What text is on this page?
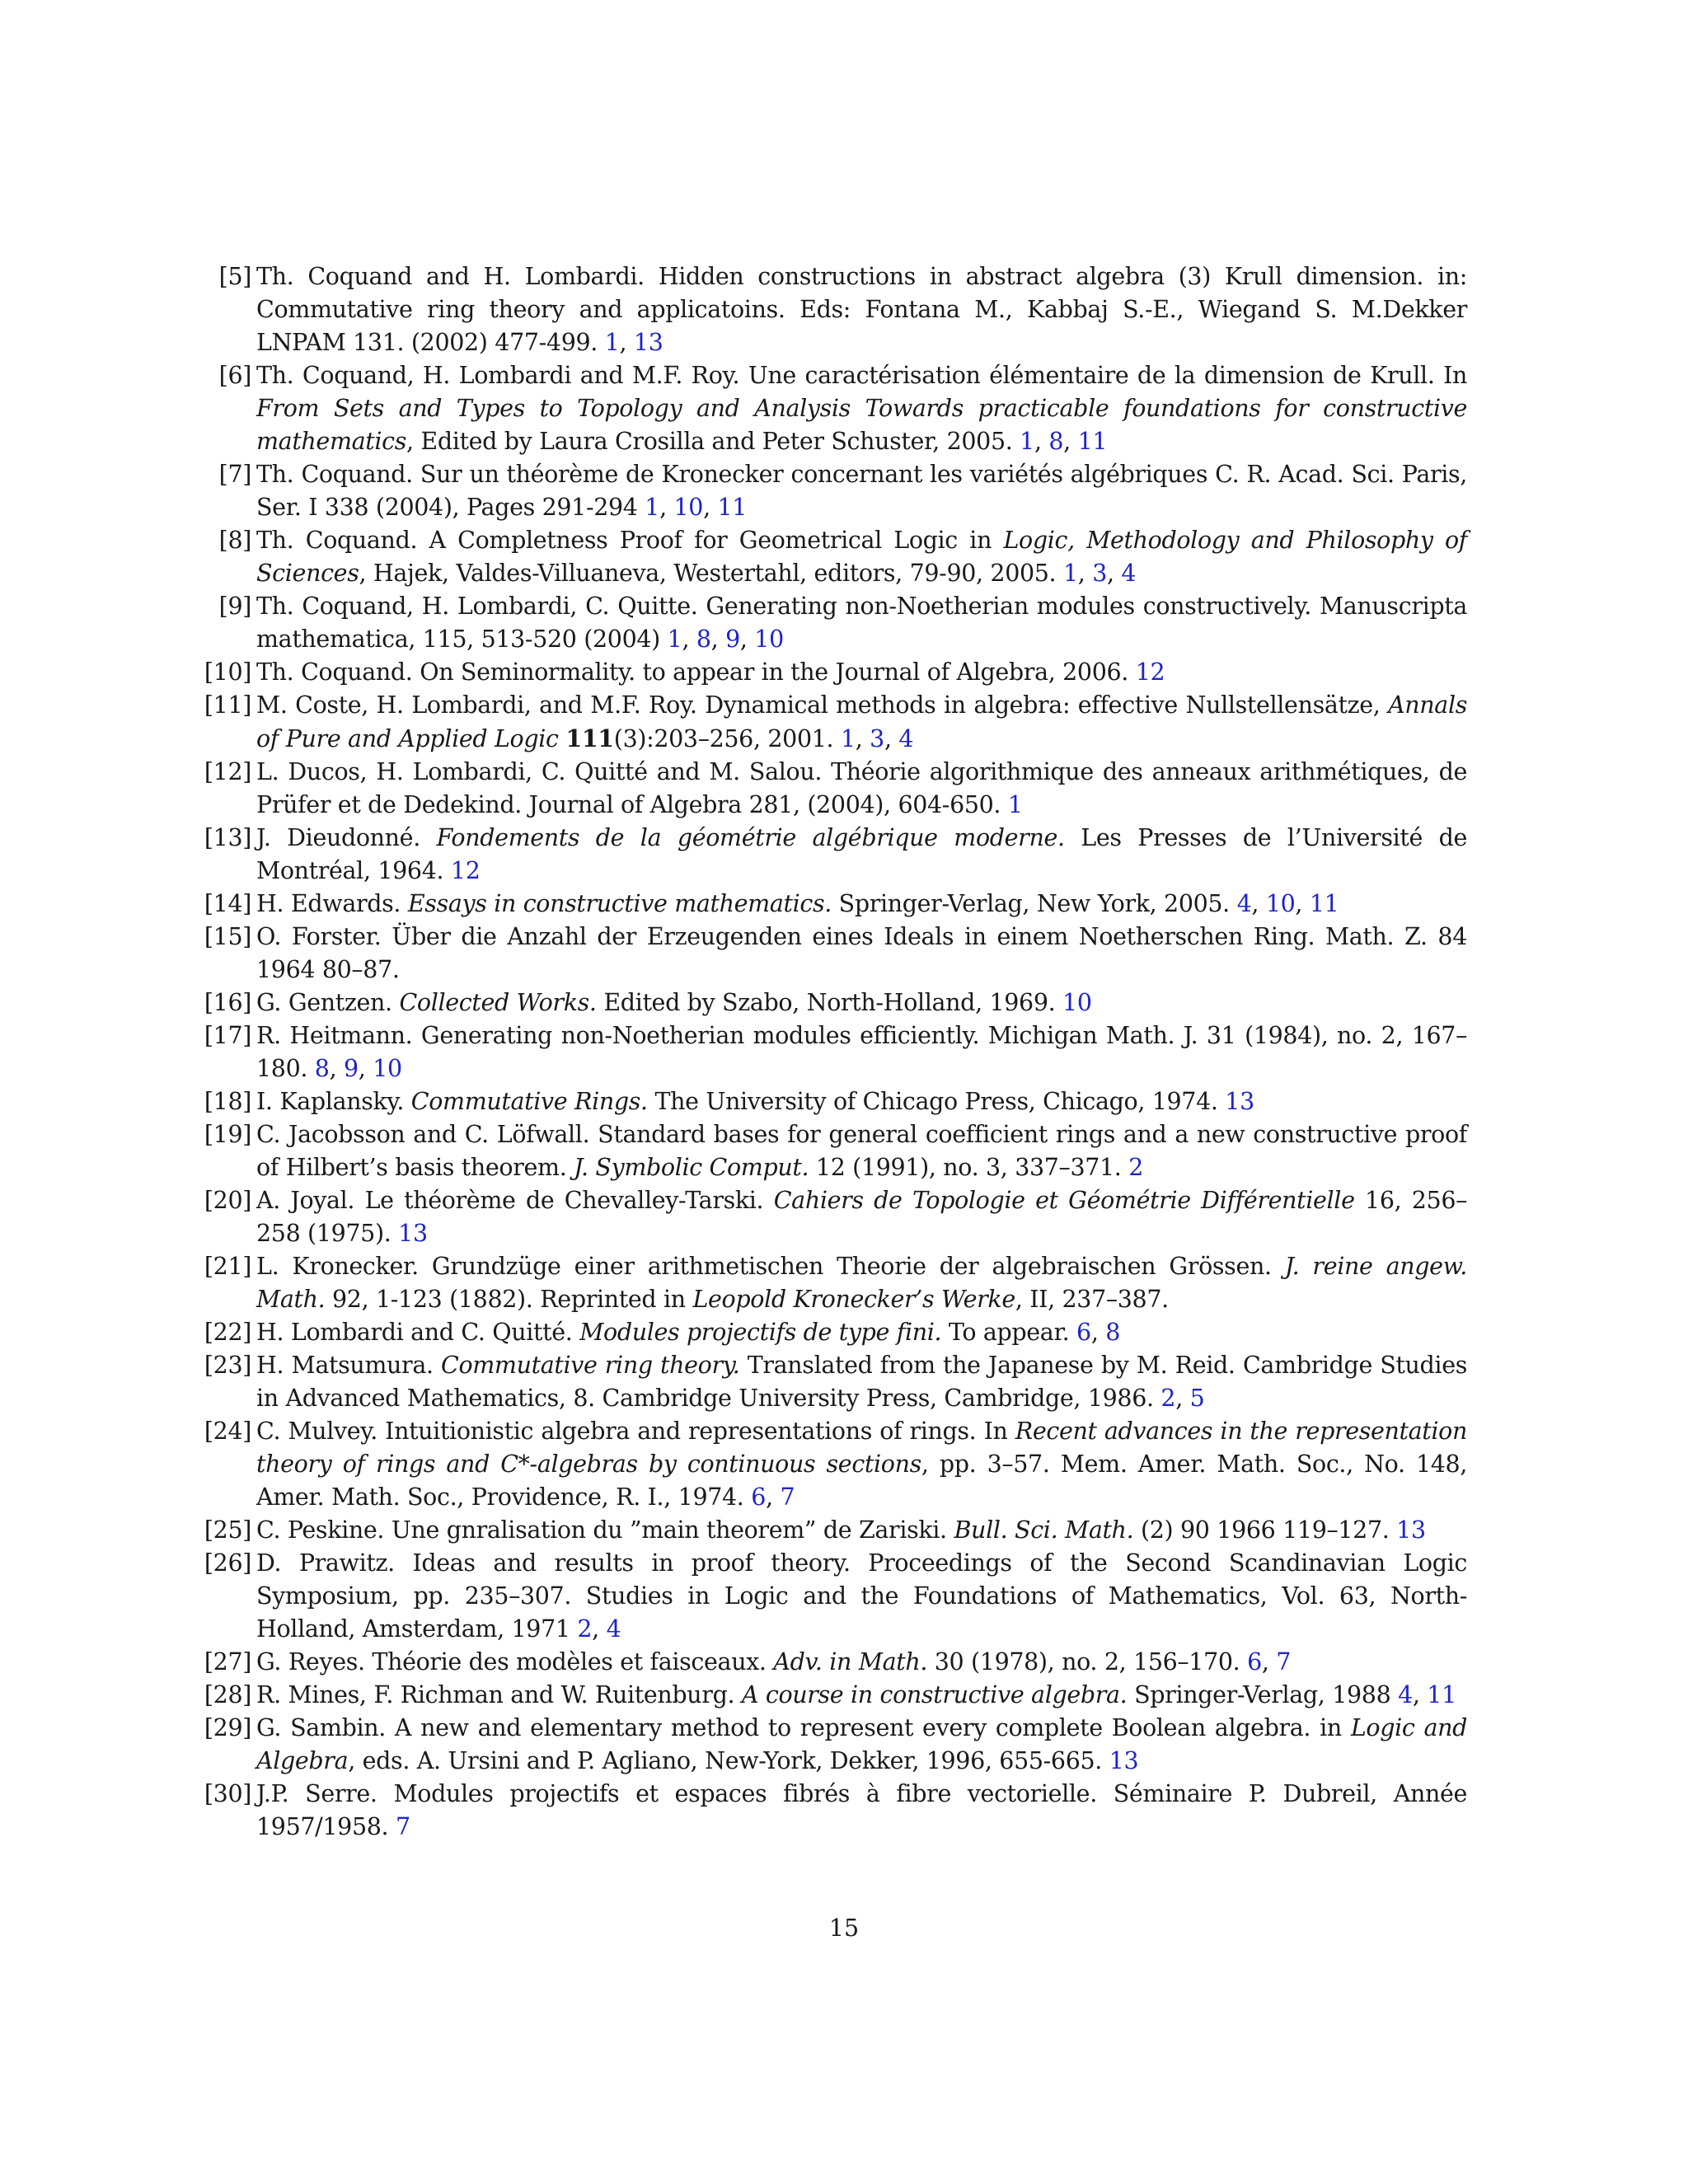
[5] Th. Coquand and H. Lombardi. Hidden constructions in abstract algebra (3) Krull dimension. in: Commutative ring theory and applicatoins. Eds: Fontana M., Kabbaj S.-E., Wiegand S. M.Dekker LNPAM 131. (2002) 477-499. 1, 13
[6] Th. Coquand, H. Lombardi and M.F. Roy. Une caractérisation élémentaire de la dimension de Krull. In From Sets and Types to Topology and Analysis Towards practicable foundations for constructive mathematics, Edited by Laura Crosilla and Peter Schuster, 2005. 1, 8, 11
[7] Th. Coquand. Sur un théorème de Kronecker concernant les variétés algébriques C. R. Acad. Sci. Paris, Ser. I 338 (2004), Pages 291-294 1, 10, 11
[8] Th. Coquand. A Completness Proof for Geometrical Logic in Logic, Methodology and Philosophy of Sciences, Hajek, Valdes-Villuaneva, Westertahl, editors, 79-90, 2005. 1, 3, 4
[9] Th. Coquand, H. Lombardi, C. Quitte. Generating non-Noetherian modules constructively. Manuscripta mathematica, 115, 513-520 (2004) 1, 8, 9, 10
[10] Th. Coquand. On Seminormality. to appear in the Journal of Algebra, 2006. 12
[11] M. Coste, H. Lombardi, and M.F. Roy. Dynamical methods in algebra: effective Nullstellensätze, Annals of Pure and Applied Logic 111(3):203–256, 2001. 1, 3, 4
[12] L. Ducos, H. Lombardi, C. Quitté and M. Salou. Théorie algorithmique des anneaux arithmétiques, de Prüfer et de Dedekind. Journal of Algebra 281, (2004), 604-650. 1
[13] J. Dieudonné. Fondements de la géométrie algébrique moderne. Les Presses de l’Université de Montréal, 1964. 12
[14] H. Edwards. Essays in constructive mathematics. Springer-Verlag, New York, 2005. 4, 10, 11
[15] O. Forster. Über die Anzahl der Erzeugenden eines Ideals in einem Noetherschen Ring. Math. Z. 84 1964 80–87.
[16] G. Gentzen. Collected Works. Edited by Szabo, North-Holland, 1969. 10
[17] R. Heitmann. Generating non-Noetherian modules efficiently. Michigan Math. J. 31 (1984), no. 2, 167–180. 8, 9, 10
[18] I. Kaplansky. Commutative Rings. The University of Chicago Press, Chicago, 1974. 13
[19] C. Jacobsson and C. Löfwall. Standard bases for general coefficient rings and a new constructive proof of Hilbert’s basis theorem. J. Symbolic Comput. 12 (1991), no. 3, 337–371. 2
[20] A. Joyal. Le théorème de Chevalley-Tarski. Cahiers de Topologie et Géométrie Différentielle 16, 256–258 (1975). 13
[21] L. Kronecker. Grundzüge einer arithmetischen Theorie der algebraischen Grössen. J. reine angew. Math. 92, 1-123 (1882). Reprinted in Leopold Kronecker’s Werke, II, 237–387.
[22] H. Lombardi and C. Quitté. Modules projectifs de type fini. To appear. 6, 8
[23] H. Matsumura. Commutative ring theory. Translated from the Japanese by M. Reid. Cambridge Studies in Advanced Mathematics, 8. Cambridge University Press, Cambridge, 1986. 2, 5
[24] C. Mulvey. Intuitionistic algebra and representations of rings. In Recent advances in the representation theory of rings and C*-algebras by continuous sections, pp. 3–57. Mem. Amer. Math. Soc., No. 148, Amer. Math. Soc., Providence, R. I., 1974. 6, 7
[25] C. Peskine. Une gnralisation du ”main theorem” de Zariski. Bull. Sci. Math. (2) 90 1966 119–127. 13
[26] D. Prawitz. Ideas and results in proof theory. Proceedings of the Second Scandinavian Logic Symposium, pp. 235–307. Studies in Logic and the Foundations of Mathematics, Vol. 63, North-Holland, Amsterdam, 1971 2, 4
[27] G. Reyes. Théorie des modèles et faisceaux. Adv. in Math. 30 (1978), no. 2, 156–170. 6, 7
[28] R. Mines, F. Richman and W. Ruitenburg. A course in constructive algebra. Springer-Verlag, 1988 4, 11
[29] G. Sambin. A new and elementary method to represent every complete Boolean algebra. in Logic and Algebra, eds. A. Ursini and P. Agliano, New-York, Dekker, 1996, 655-665. 13
[30] J.P. Serre. Modules projectifs et espaces fibrés à fibre vectorielle. Séminaire P. Dubreil, Année 1957/1958. 7
15
